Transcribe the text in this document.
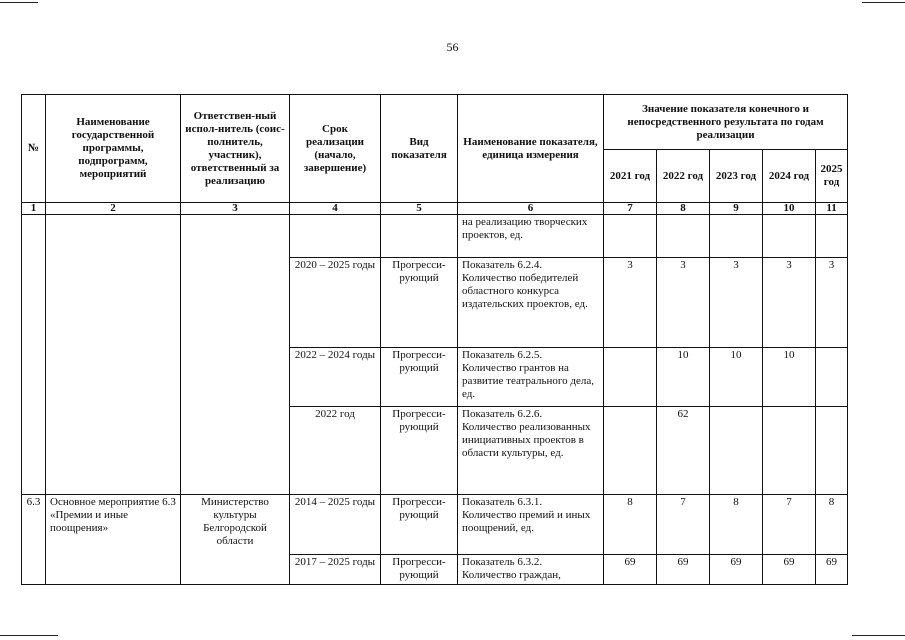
56
№	Наименование государственной программы, подпрограмм, мероприятий	Ответствен-ный испол-нитель (соис-полнитель, участник), ответственный за реализацию	Срок реализации (начало, завершение)	Вид показателя	Наименование показателя, единица измерения	Значение показателя конечного и непосредственного результата по годам реализации				
						2021 год	2022 год	2023 год	2024 год	2025 год
1	2	3	4	5	6	7	8	9	10	11
					на реализацию творческих проектов, ед.					
			2020 – 2025 годы	Прогресси-рующий	Показатель 6.2.4. Количество победителей областного конкурса издательских проектов, ед.	3	3	3	3	3
			2022 – 2024 годы	Прогресси-рующий	Показатель 6.2.5. Количество грантов на развитие театрального дела, ед.		10	10	10	
			2022 год	Прогресси-рующий	Показатель 6.2.6. Количество реализованных инициативных проектов в области культуры, ед.		62			
6.3	Основное мероприятие 6.3 «Премии и иные поощрения»	Министерство культуры Белгородской области	2014 – 2025 годы	Прогресси-рующий	Показатель 6.3.1. Количество премий и иных поощрений, ед.	8	7	8	7	8
			2017 – 2025 годы	Прогресси-рующий	Показатель 6.3.2. Количество граждан,	69	69	69	69	69
